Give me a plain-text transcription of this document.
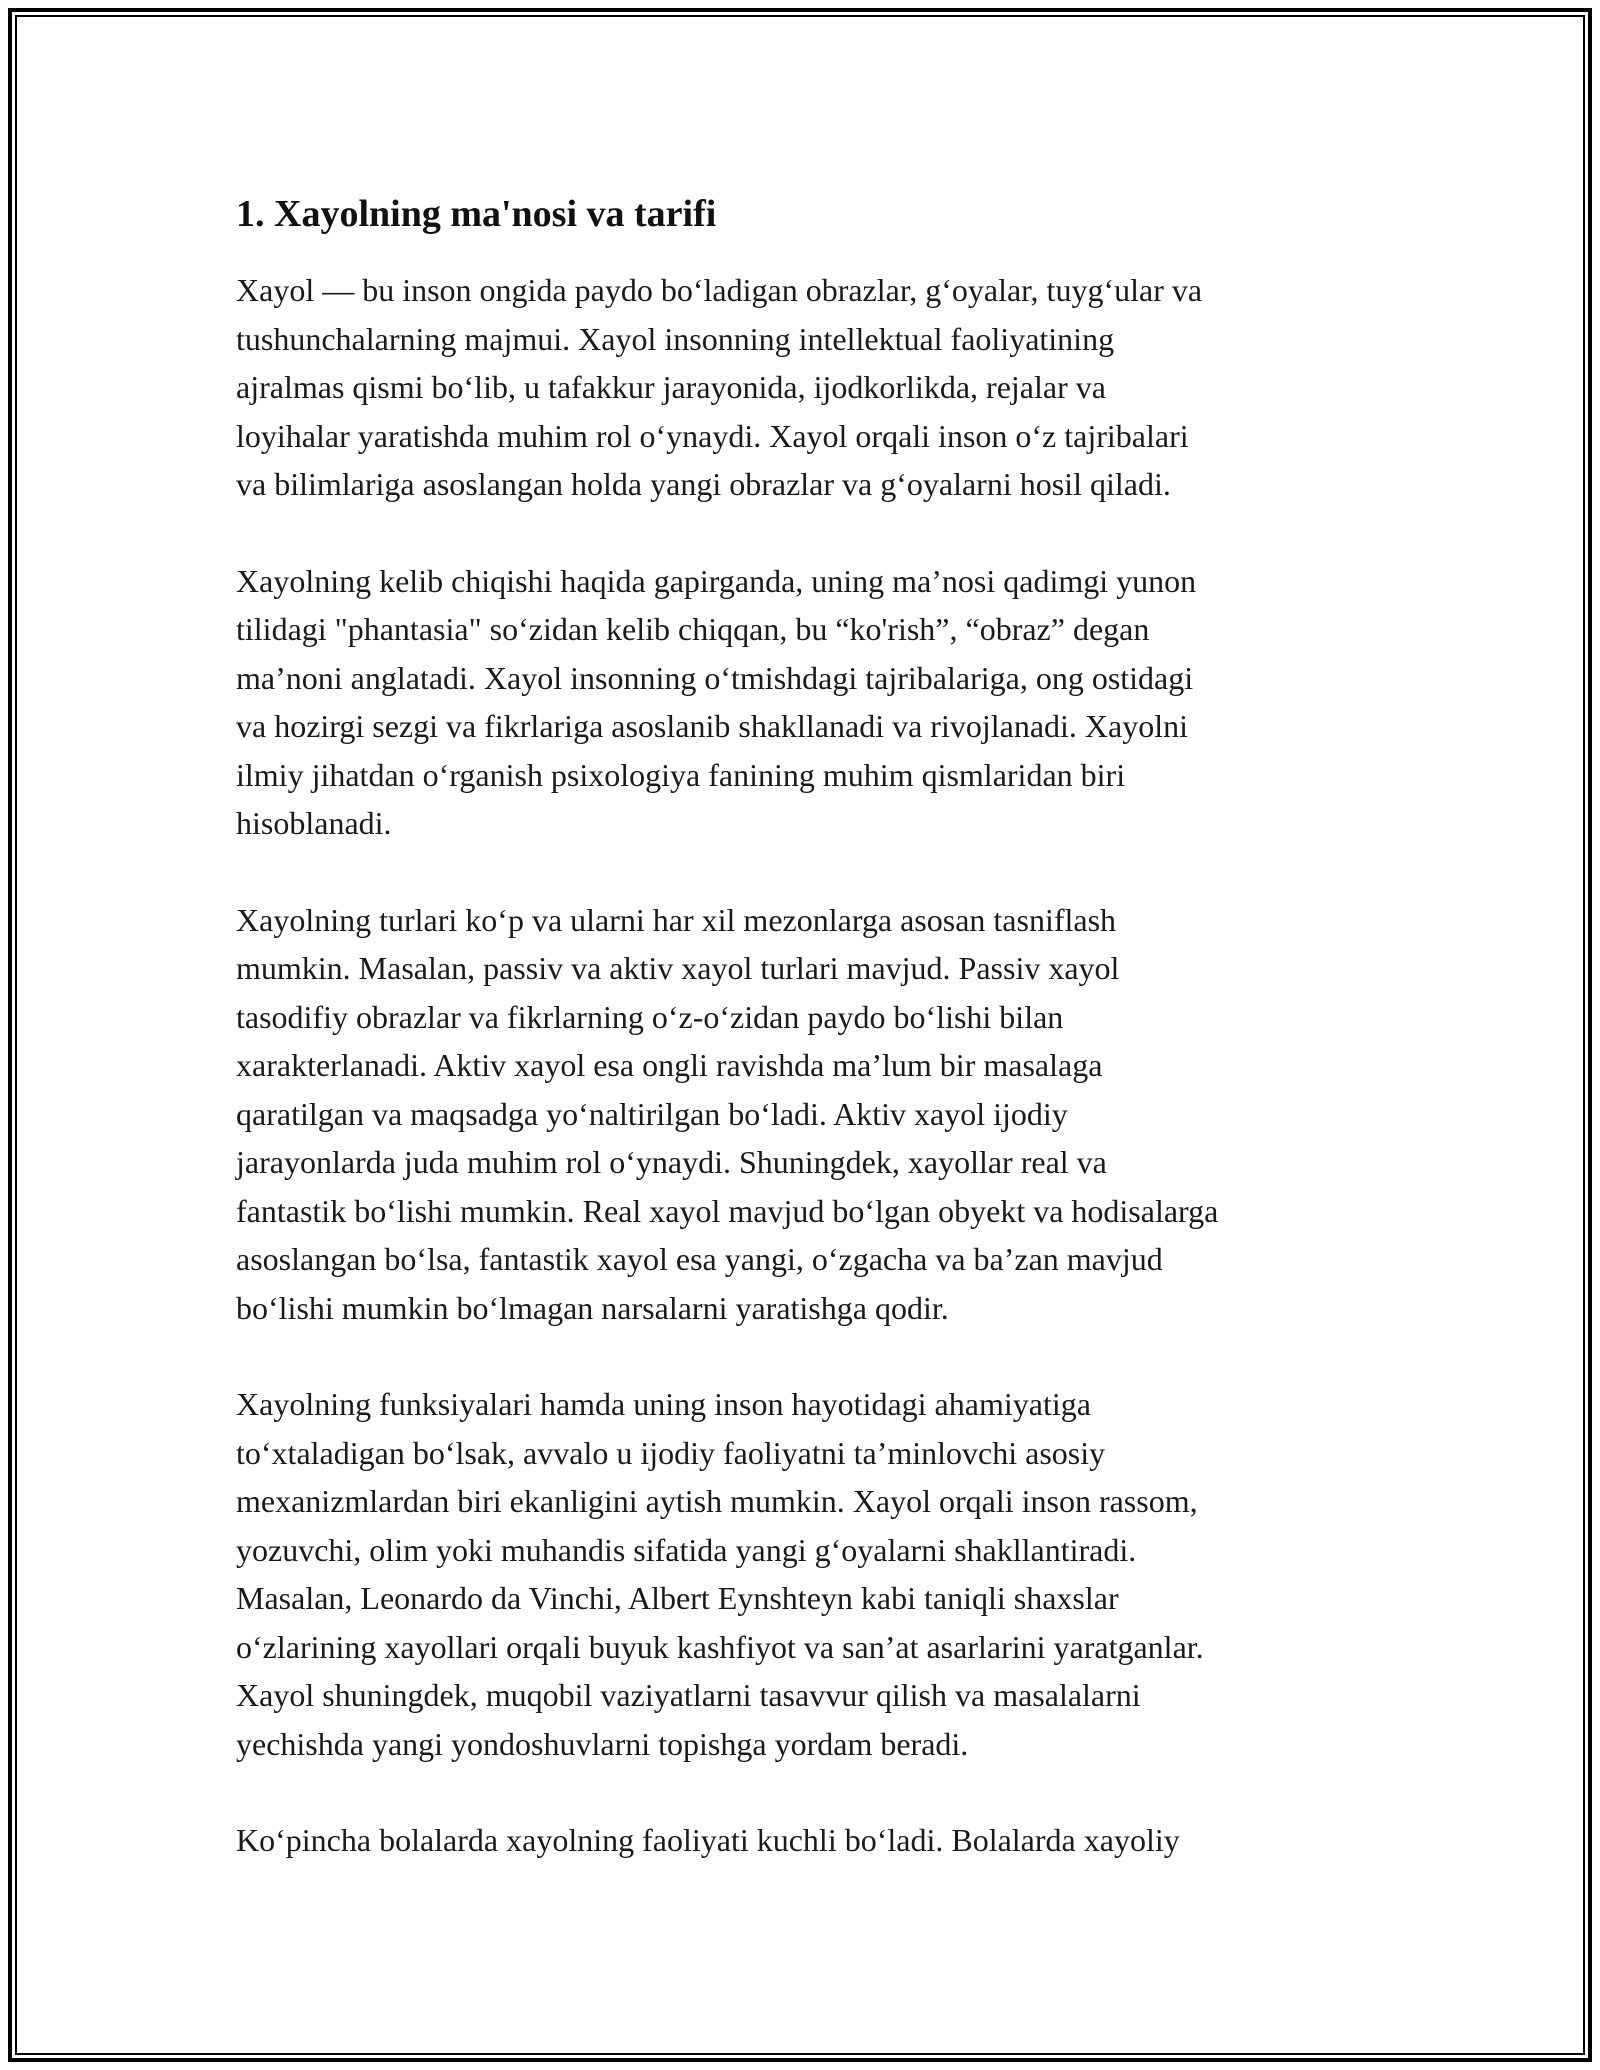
1. Xayolning ma'nosi va tarifi

Xayol — bu inson ongida paydo boʻladigan obrazlar, gʻoyalar, tuygʻular va
tushunchalarning majmui. Xayol insonning intellektual faoliyatining
ajralmas qismi boʻlib, u tafakkur jarayonida, ijodkorlikda, rejalar va
loyihalar yaratishda muhim rol oʻynaydi. Xayol orqali inson oʻz tajribalari
va bilimlariga asoslangan holda yangi obrazlar va gʻoyalarni hosil qiladi.

Xayolning kelib chiqishi haqida gapirganda, uning ma’nosi qadimgi yunon
tilidagi "phantasia" soʻzidan kelib chiqqan, bu “ko'rish”, “obraz” degan
ma’noni anglatadi. Xayol insonning oʻtmishdagi tajribalariga, ong ostidagi
va hozirgi sezgi va fikrlariga asoslanib shakllanadi va rivojlanadi. Xayolni
ilmiy jihatdan oʻrganish psixologiya fanining muhim qismlaridan biri
hisoblanadi.

Xayolning turlari koʻp va ularni har xil mezonlarga asosan tasniflash
mumkin. Masalan, passiv va aktiv xayol turlari mavjud. Passiv xayol
tasodifiy obrazlar va fikrlarning oʻz-oʻzidan paydo boʻlishi bilan
xarakterlanadi. Aktiv xayol esa ongli ravishda ma’lum bir masalaga
qaratilgan va maqsadga yoʻnaltirilgan boʻladi. Aktiv xayol ijodiy
jarayonlarda juda muhim rol oʻynaydi. Shuningdek, xayollar real va
fantastik boʻlishi mumkin. Real xayol mavjud boʻlgan obyekt va hodisalarga
asoslangan boʻlsa, fantastik xayol esa yangi, oʻzgacha va ba’zan mavjud
boʻlishi mumkin boʻlmagan narsalarni yaratishga qodir.

Xayolning funksiyalari hamda uning inson hayotidagi ahamiyatiga
toʻxtaladigan boʻlsak, avvalo u ijodiy faoliyatni ta’minlovchi asosiy
mexanizmlardan biri ekanligini aytish mumkin. Xayol orqali inson rassom,
yozuvchi, olim yoki muhandis sifatida yangi gʻoyalarni shakllantiradi.
Masalan, Leonardo da Vinchi, Albert Eynshteyn kabi taniqli shaxslar
oʻzlarining xayollari orqali buyuk kashfiyot va san’at asarlarini yaratganlar.
Xayol shuningdek, muqobil vaziyatlarni tasavvur qilish va masalalarni
yechishda yangi yondoshuvlarni topishga yordam beradi.

Koʻpincha bolalarda xayolning faoliyati kuchli boʻladi. Bolalarda xayoliy
